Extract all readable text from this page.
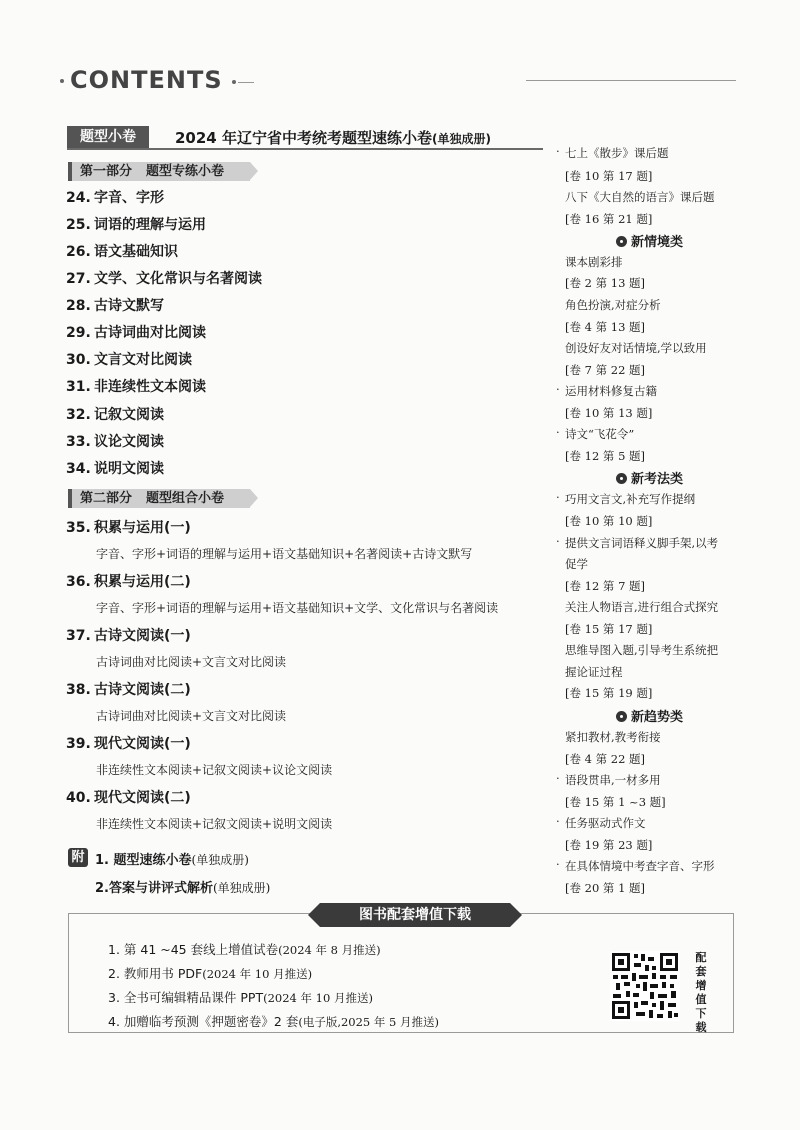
CONTENTS
题型小卷	2024 年辽宁省中考统考题型速练小卷(单独成册)
第一部分 题型专练小卷
24. 字音、字形
25. 词语的理解与运用
26. 语文基础知识
27. 文学、文化常识与名著阅读
28. 古诗文默写
29. 古诗词曲对比阅读
30. 文言文对比阅读
31. 非连续性文本阅读
32. 记叙文阅读
33. 议论文阅读
34. 说明文阅读
第二部分 题型组合小卷
35. 积累与运用(一)
字音、字形+词语的理解与运用+语文基础知识+名著阅读+古诗文默写
36. 积累与运用(二)
字音、字形+词语的理解与运用+语文基础知识+文学、文化常识与名著阅读
37. 古诗文阅读(一)
古诗词曲对比阅读+文言文对比阅读
38. 古诗文阅读(二)
古诗词曲对比阅读+文言文对比阅读
39. 现代文阅读(一)
非连续性文本阅读+记叙文阅读+议论文阅读
40. 现代文阅读(二)
非连续性文本阅读+记叙文阅读+说明文阅读
附 1. 题型速练小卷(单独成册)
2.答案与讲评式解析(单独成册)
· 七上《散步》课后题
[卷 10 第 17 题]
八下《大自然的语言》课后题
[卷 16 第 21 题]
新情境类
课本剧彩排
[卷 2 第 13 题]
角色扮演,对症分析
[卷 4 第 13 题]
创设好友对话情境,学以致用
[卷 7 第 22 题]
· 运用材料修复古籍
[卷 10 第 13 题]
· 诗文“飞花令”
[卷 12 第 5 题]
新考法类
· 巧用文言文,补充写作提纲
[卷 10 第 10 题]
· 提供文言词语释义脚手架,以考
促学
[卷 12 第 7 题]
关注人物语言,进行组合式探究
[卷 15 第 17 题]
思维导图入题,引导考生系统把
握论证过程
[卷 15 第 19 题]
新趋势类
紧扣教材,教考衔接
[卷 4 第 22 题]
· 语段贯串,一材多用
[卷 15 第 1 ~3 题]
· 任务驱动式作文
[卷 19 第 23 题]
· 在具体情境中考查字音、字形
[卷 20 第 1 题]
图书配套增值下载
1. 第 41 ~45 套线上增值试卷(2024 年 8 月推送)
2. 教师用书 PDF(2024 年 10 月推送)
3. 全书可编辑精品课件 PPT(2024 年 10 月推送)
4. 加赠临考预测《押题密卷》2 套(电子版,2025 年 5 月推送)
配套增值下载
